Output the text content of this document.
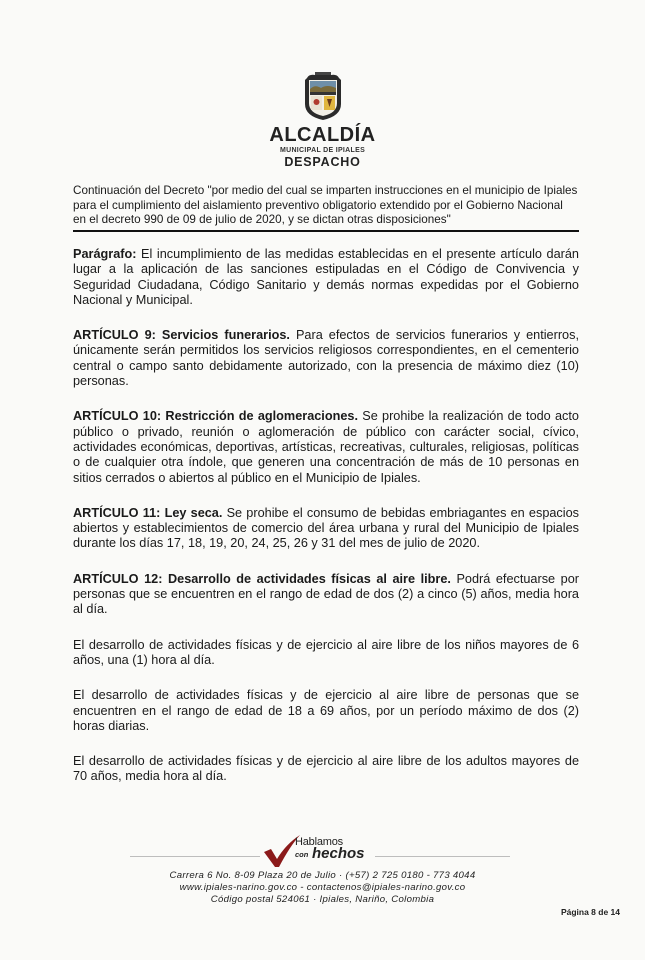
ALCALDÍA
MUNICIPAL DE IPIALES
DESPACHO
Continuación del Decreto "por medio del cual se imparten instrucciones en el municipio de Ipiales para el cumplimiento del aislamiento preventivo obligatorio extendido por el Gobierno Nacional en el decreto 990 de 09 de julio de 2020, y se dictan otras disposiciones"

Parágrafo: El incumplimiento de las medidas establecidas en el presente artículo darán lugar a la aplicación de las sanciones estipuladas en el Código de Convivencia y Seguridad Ciudadana, Código Sanitario y demás normas expedidas por el Gobierno Nacional y Municipal.

ARTÍCULO 9: Servicios funerarios. Para efectos de servicios funerarios y entierros, únicamente serán permitidos los servicios religiosos correspondientes, en el cementerio central o campo santo debidamente autorizado, con la presencia de máximo diez (10) personas.

ARTÍCULO 10: Restricción de aglomeraciones. Se prohibe la realización de todo acto público o privado, reunión o aglomeración de público con carácter social, cívico, actividades económicas, deportivas, artísticas, recreativas, culturales, religiosas, políticas o de cualquier otra índole, que generen una concentración de más de 10 personas en sitios cerrados o abiertos al público en el Municipio de Ipiales.

ARTÍCULO 11: Ley seca. Se prohibe el consumo de bebidas embriagantes en espacios abiertos y establecimientos de comercio del área urbana y rural del Municipio de Ipiales durante los días 17, 18, 19, 20, 24, 25, 26 y 31 del mes de julio de 2020.

ARTÍCULO 12: Desarrollo de actividades físicas al aire libre. Podrá efectuarse por personas que se encuentren en el rango de edad de dos (2) a cinco (5) años, media hora al día.

El desarrollo de actividades físicas y de ejercicio al aire libre de los niños mayores de 6 años, una (1) hora al día.

El desarrollo de actividades físicas y de ejercicio al aire libre de personas que se encuentren en el rango de edad de 18 a 69 años, por un período máximo de dos (2) horas diarias.

El desarrollo de actividades físicas y de ejercicio al aire libre de los adultos mayores de 70 años, media hora al día.

Hablamos
con hechos
Carrera 6 No. 8-09 Plaza 20 de Julio · (+57) 2 725 0180 - 773 4044
www.ipiales-narino.gov.co - contactenos@ipiales-narino.gov.co
Código postal 524061 · Ipiales, Nariño, Colombia
Página 8 de 14
